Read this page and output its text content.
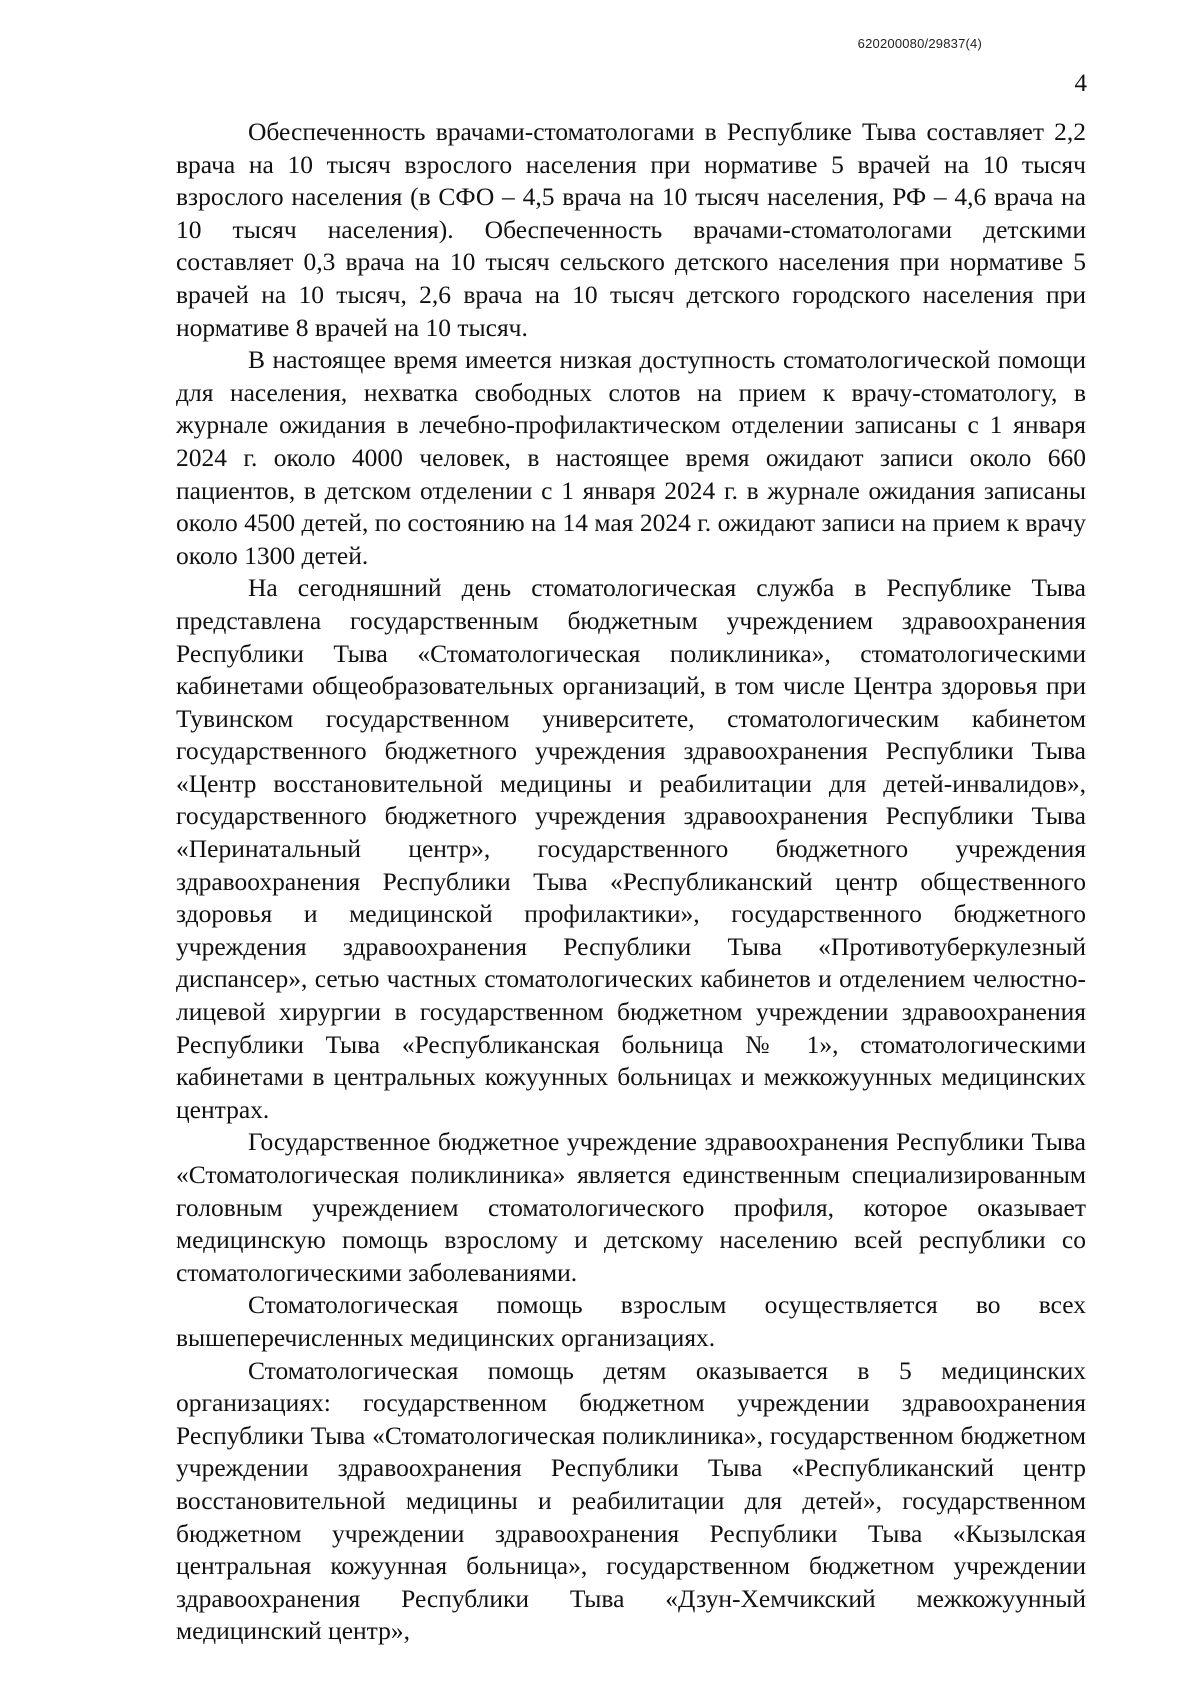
620200080/29837(4)
4

Обеспеченность врачами-стоматологами в Республике Тыва составляет 2,2 врача на 10 тысяч взрослого населения при нормативе 5 врачей на 10 тысяч взрослого населения (в СФО – 4,5 врача на 10 тысяч населения, РФ – 4,6 врача на 10 тысяч населения). Обеспеченность врачами-стоматологами детскими составляет 0,3 врача на 10 тысяч сельского детского населения при нормативе 5 врачей на 10 тысяч, 2,6 врача на 10 тысяч детского городского населения при нормативе 8 врачей на 10 тысяч.

В настоящее время имеется низкая доступность стоматологической помощи для населения, нехватка свободных слотов на прием к врачу-стоматологу, в журнале ожидания в лечебно-профилактическом отделении записаны с 1 января 2024 г. около 4000 человек, в настоящее время ожидают записи около 660 пациентов, в детском отделении с 1 января 2024 г. в журнале ожидания записаны около 4500 детей, по состоянию на 14 мая 2024 г. ожидают записи на прием к врачу около 1300 детей.

На сегодняшний день стоматологическая служба в Республике Тыва представлена государственным бюджетным учреждением здравоохранения Республики Тыва «Стоматологическая поликлиника», стоматологическими кабинетами общеобразовательных организаций, в том числе Центра здоровья при Тувинском государственном университете, стоматологическим кабинетом государственного бюджетного учреждения здравоохранения Республики Тыва «Центр восстановительной медицины и реабилитации для детей-инвалидов», государственного бюджетного учреждения здравоохранения Республики Тыва «Перинатальный центр», государственного бюджетного учреждения здравоохранения Республики Тыва «Республиканский центр общественного здоровья и медицинской профилактики», государственного бюджетного учреждения здравоохранения Республики Тыва «Противотуберкулезный диспансер», сетью частных стоматологических кабинетов и отделением челюстно-лицевой хирургии в государственном бюджетном учреждении здравоохранения Республики Тыва «Республиканская больница № 1», стоматологическими кабинетами в центральных кожуунных больницах и межкожуунных медицинских центрах.

Государственное бюджетное учреждение здравоохранения Республики Тыва «Стоматологическая поликлиника» является единственным специализированным головным учреждением стоматологического профиля, которое оказывает медицинскую помощь взрослому и детскому населению всей республики со стоматологическими заболеваниями.

Стоматологическая помощь взрослым осуществляется во всех вышеперечисленных медицинских организациях.

Стоматологическая помощь детям оказывается в 5 медицинских организациях: государственном бюджетном учреждении здравоохранения Республики Тыва «Стоматологическая поликлиника», государственном бюджетном учреждении здравоохранения Республики Тыва «Республиканский центр восстановительной медицины и реабилитации для детей», государственном бюджетном учреждении здравоохранения Республики Тыва «Кызылская центральная кожуунная больница», государственном бюджетном учреждении здравоохранения Республики Тыва «Дзун-Хемчикский межкожуунный медицинский центр»,
